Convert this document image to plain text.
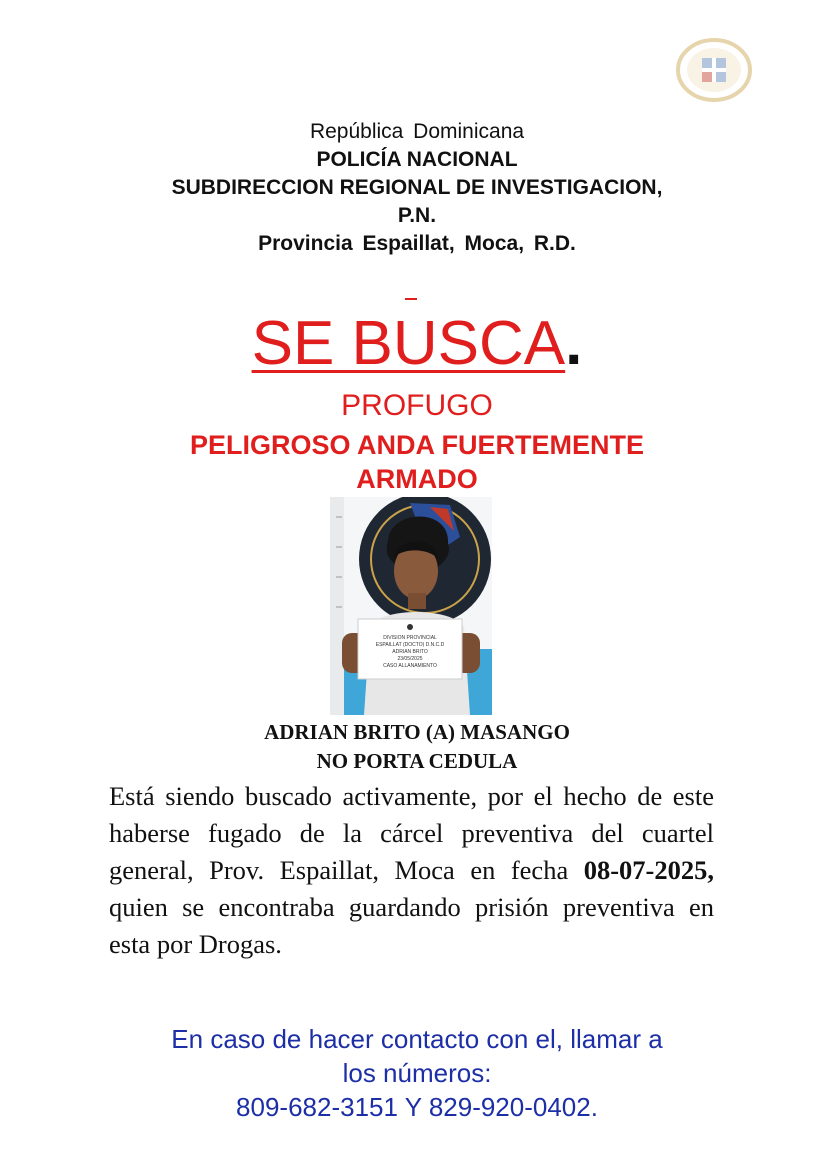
República Dominicana
POLICÍA NACIONAL
SUBDIRECCION REGIONAL DE INVESTIGACION,
P.N.
Provincia Espaillat, Moca, R.D.
SE BUSCA.
PROFUGO
PELIGROSO ANDA FUERTEMENTE
ARMADO
DIVISION PROVINCIAL
ESPAILLAT (DOCTO) D.N.C.D
ADRIAN BRITO
23/05/2025
CASO ALLANAMIENTO
ADRIAN BRITO (A) MASANGO
NO PORTA CEDULA
Está siendo buscado activamente, por el hecho de este haberse fugado de la cárcel preventiva del cuartel general, Prov. Espaillat, Moca en fecha 08-07-2025, quien se encontraba guardando prisión preventiva en esta por Drogas.
En caso de hacer contacto con el, llamar a
los números:
809-682-3151 Y 829-920-0402.
